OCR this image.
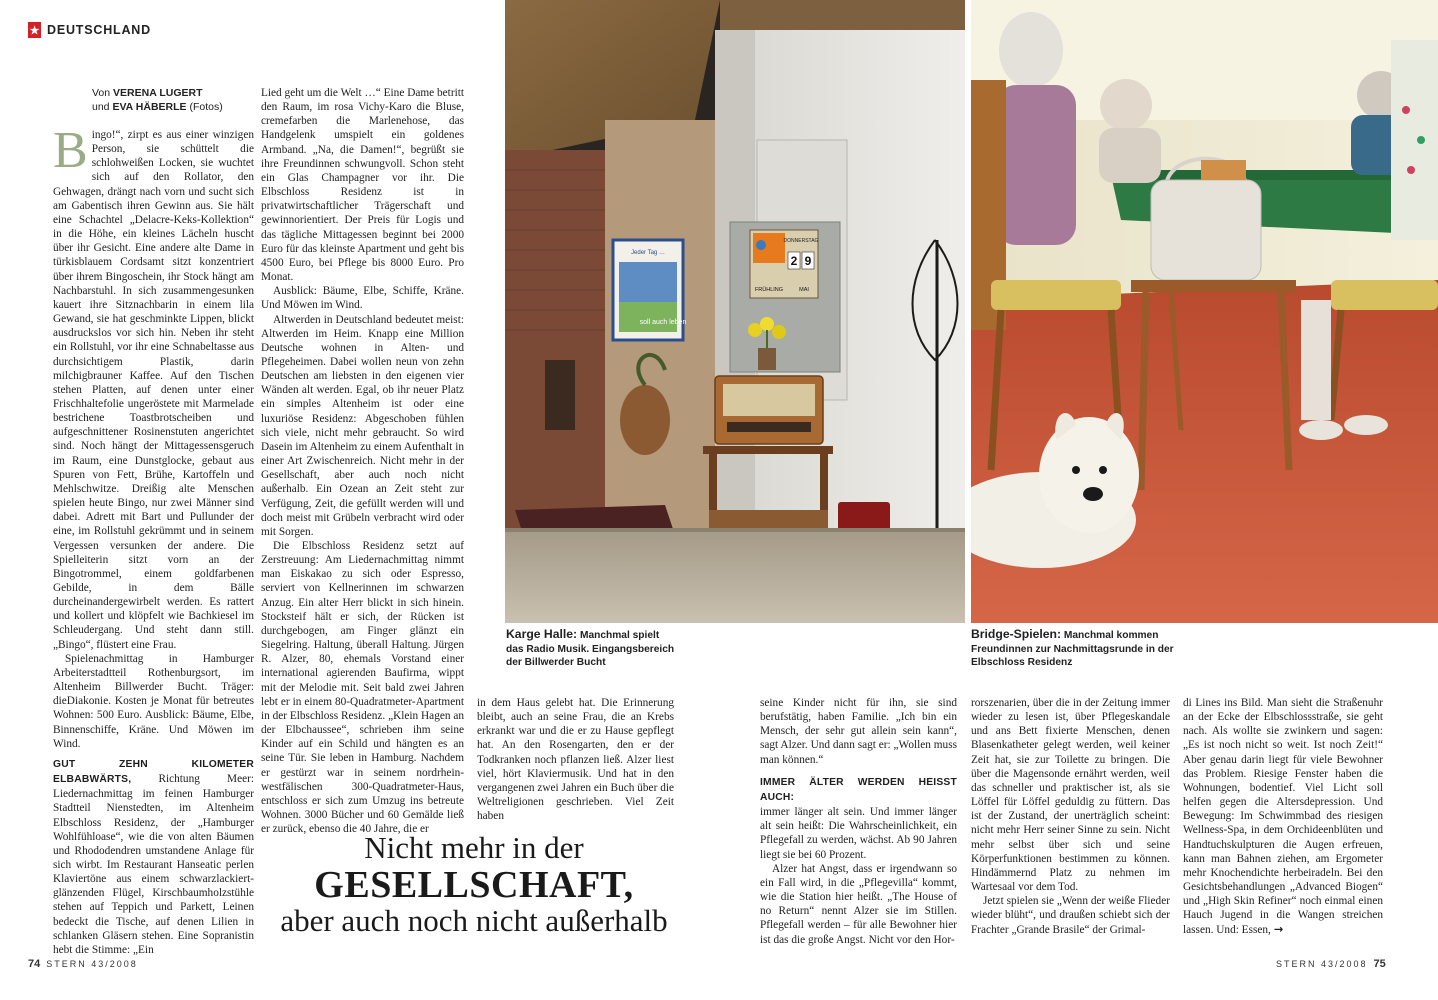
★ DEUTSCHLAND
Von VERENA LUGERT
und EVA HÄBERLE (Fotos)

Bingo!“, zirpt es aus einer winzigen Person, sie schüttelt die schlohweißen Locken, sie wuchtet sich auf den Rollator, den Gehwagen, drängt nach vorn und sucht sich am Gabentisch ihren Gewinn aus. Sie hält eine Schachtel „Delacre-Keks-Kollektion“ in die Höhe, ein kleines Lächeln huscht über ihr Gesicht. Eine andere alte Dame in türkisblauem Cordsamt sitzt konzentriert über ihrem Bingoschein, ihr Stock hängt am Nachbarstuhl. In sich zusammengesunken kauert ihre Sitznachbarin in einem lila Gewand, sie hat geschminkte Lippen, blickt ausdruckslos vor sich hin. Neben ihr steht ein Rollstuhl, vor ihr eine Schnabeltasse aus durchsichtigem Plastik, darin milchigbrauner Kaffee. Auf den Tischen stehen Platten, auf denen unter einer Frischhaltefolie ungeröstete mit Marmelade bestrichene Toastbrotscheiben und aufgeschnittener Rosinenstuten angerichtet sind. Noch hängt der Mittagessensgeruch im Raum, eine Dunstglocke, gebaut aus Spuren von Fett, Brühe, Kartoffeln und Mehlschwitze. Dreißig alte Menschen spielen heute Bingo, nur zwei Männer sind dabei. Adrett mit Bart und Pullunder der eine, im Rollstuhl gekrümmt und in seinem Vergessen versunken der andere. Die Spielleiterin sitzt vorn an der Bingotrommel, einem goldfarbenen Gebilde, in dem Bälle durcheinandergewirbelt werden. Es rattert und kollert und klöpfelt wie Bachkiesel im Schleudergang. Und steht dann still. „Bingo“, flüstert eine Frau.

Spielenachmittag in Hamburger Arbeiterstadtteil Rothenburgsort, im Altenheim Billwerder Bucht. Träger: dieDiakonie. Kosten je Monat für betreutes Wohnen: 500 Euro. Ausblick: Bäume, Elbe, Binnenschiffe, Kräne. Und Möwen im Wind.

GUT ZEHN KILOMETER ELBABWÄRTS, Richtung Meer: Liedernachmittag im feinen Hamburger Stadtteil Nienstedten, im Altenheim Elbschloss Residenz, der „Hamburger Wohlfühloase“, wie die von alten Bäumen und Rhododendren umstandene Anlage für sich wirbt. Im Restaurant Hanseatic perlen Klaviertöne aus einem schwarzlackiert-glänzenden Flügel, Kirschbaumholzstühle stehen auf Teppich und Parkett, Leinen bedeckt die Tische, auf denen Lilien in schlanken Gläsern stehen. Eine Sopranistin hebt die Stimme: „Ein

Lied geht um die Welt …“ Eine Dame betritt den Raum, im rosa Vichy-Karo die Bluse, cremefarben die Marlenehose, das Handgelenk umspielt ein goldenes Armband. „Na, die Damen!“, begrüßt sie ihre Freundinnen schwungvoll. Schon steht ein Glas Champagner vor ihr. Die Elbschloss Residenz ist in privatwirtschaftlicher Trägerschaft und gewinnorientiert. Der Preis für Logis und das tägliche Mittagessen beginnt bei 2000 Euro für das kleinste Apartment und geht bis 4500 Euro, bei Pflege bis 8000 Euro. Pro Monat.

Ausblick: Bäume, Elbe, Schiffe, Kräne. Und Möwen im Wind.

Altwerden in Deutschland bedeutet meist: Altwerden im Heim. Knapp eine Million Deutsche wohnen in Alten- und Pflegeheimen. Dabei wollen neun von zehn Deutschen am liebsten in den eigenen vier Wänden alt werden. Egal, ob ihr neuer Platz ein simples Altenheim ist oder eine luxuriöse Residenz: Abgeschoben fühlen sich viele, nicht mehr gebraucht. So wird Dasein im Altenheim zu einem Aufenthalt in einer Art Zwischenreich. Nicht mehr in der Gesellschaft, aber auch noch nicht außerhalb. Ein Ozean an Zeit steht zur Verfügung, Zeit, die gefüllt werden will und doch meist mit Grübeln verbracht wird oder mit Sorgen.

Die Elbschloss Residenz setzt auf Zerstreuung: Am Liedernachmittag nimmt man Eiskakao zu sich oder Espresso, serviert von Kellnerinnen im schwarzen Anzug. Ein alter Herr blickt in sich hinein. Stocksteif hält er sich, der Rücken ist durchgebogen, am Finger glänzt ein Siegelring. Haltung, überall Haltung. Jürgen R. Alzer, 80, ehemals Vorstand einer international agierenden Baufirma, wippt mit der Melodie mit. Seit bald zwei Jahren lebt er in einem 80-Quadratmeter-Apartment in der Elbschloss Residenz. „Klein Hagen an der Elbchaussee“, schrieben ihm seine Kinder auf ein Schild und hängten es an seine Tür. Sie leben in Hamburg. Nachdem er gestürzt war in seinem nordrhein-westfälischen 300-Quadratmeter-Haus, entschloss er sich zum Umzug ins betreute Wohnen. 3000 Bücher und 60 Gemälde ließ er zurück, ebenso die 40 Jahre, die er

in dem Haus gelebt hat. Die Erinnerung bleibt, auch an seine Frau, die an Krebs erkrankt war und die er zu Hause gepflegt hat. An den Rosengarten, den er der Todkranken noch pflanzen ließ. Alzer liest viel, hört Klaviermusik. Und hat in den vergangenen zwei Jahren ein Buch über die Weltreligionen geschrieben. Viel Zeit haben

seine Kinder nicht für ihn, sie sind berufstätig, haben Familie. „Ich bin ein Mensch, der sehr gut allein sein kann“, sagt Alzer. Und dann sagt er: „Wollen muss man können.“

IMMER ÄLTER WERDEN HEISST AUCH:

immer länger alt sein. Und immer länger alt sein heißt: Die Wahrscheinlichkeit, ein Pflegefall zu werden, wächst. Ab 90 Jahren liegt sie bei 60 Prozent.

Alzer hat Angst, dass er irgendwann so ein Fall wird, in die „Pflegevilla“ kommt, wie die Station hier heißt. „The House of no Return“ nennt Alzer sie im Stillen. Pflegefall werden – für alle Bewohner hier ist das die große Angst. Nicht vor den Hor-

rorszenarien, über die in der Zeitung immer wieder zu lesen ist, über Pflegeskandale und ans Bett fixierte Menschen, denen Blasenkatheter gelegt werden, weil keiner Zeit hat, sie zur Toilette zu bringen. Die über die Magensonde ernährt werden, weil das schneller und praktischer ist, als sie Löffel für Löffel geduldig zu füttern. Das ist der Zustand, der unerträglich scheint: nicht mehr Herr seiner Sinne zu sein. Nicht mehr selbst über sich und seine Körperfunktionen bestimmen zu können. Hindämmernd Platz zu nehmen im Wartesaal vor dem Tod.

Jetzt spielen sie „Wenn der weiße Flieder wieder blüht“, und draußen schiebt sich der Frachter „Grande Brasile“ der Grimal-

di Lines ins Bild. Man sieht die Straßenuhr an der Ecke der Elbschlossstraße, sie geht nach. Als wollte sie zwinkern und sagen: „Es ist noch nicht so weit. Ist noch Zeit!“ Aber genau darin liegt für viele Bewohner das Problem. Riesige Fenster haben die Wohnungen, bodentief. Viel Licht soll helfen gegen die Altersdepression. Und Bewegung: Im Schwimmbad des riesigen Wellness-Spa, in dem Orchideenblüten und Handtuchskulpturen die Augen erfreuen, kann man Bahnen ziehen, am Ergometer mehr Knochendichte herbeiradeln. Bei den Gesichtsbehandlungen „Advanced Biogen“ und „High Skin Refiner“ noch einmal einen Hauch Jugend in die Wangen streichen lassen. Und: Essen, →

Jeder Tag …
soll auch leben
DONNERSTAG
2 9
FRÜHLING	MAI
Karge Halle: Manchmal spielt das Radio Musik. Eingangsbereich der Billwerder Bucht
Bridge-Spielen: Manchmal kommen Freundinnen zur Nachmittagsrunde in der Elbschloss Residenz
Nicht mehr in der
GESELLSCHAFT,
aber auch noch nicht außerhalb
74 STERN 43/2008	STERN 43/2008 75
